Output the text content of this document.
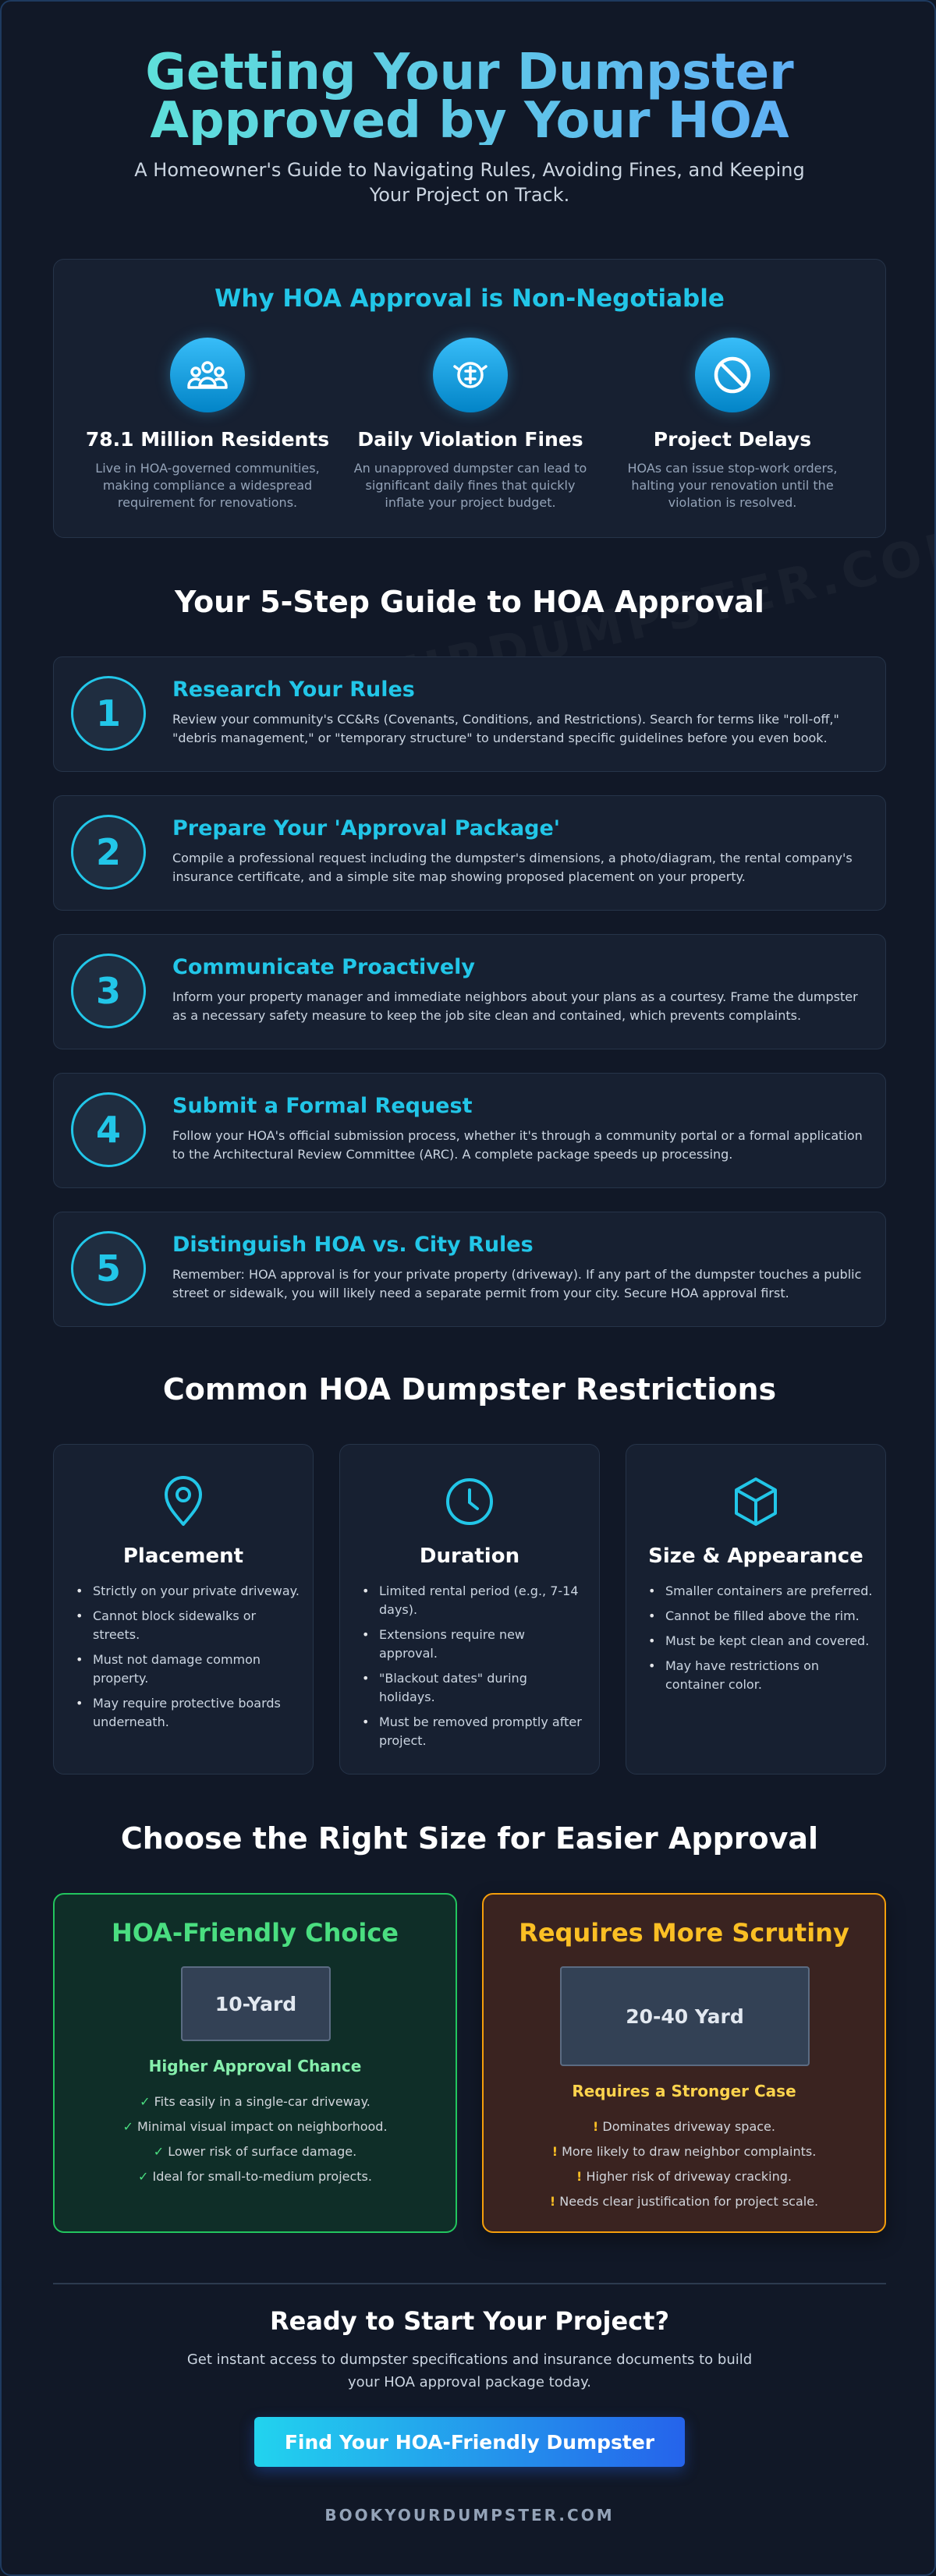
Getting Your Dumpster Approved by Your HOA

A Homeowner's Guide to Navigating Rules, Avoiding Fines, and Keeping Your Project on Track.

Why HOA Approval is Non-Negotiable
78.1 Million Residents
Live in HOA-governed communities, making compliance a widespread requirement for renovations.
Daily Violation Fines
An unapproved dumpster can lead to significant daily fines that quickly inflate your project budget.
Project Delays
HOAs can issue stop-work orders, halting your renovation until the violation is resolved.
Your 5-Step Guide to HOA Approval
1
Research Your Rules
Review your community's CC&Rs (Covenants, Conditions, and Restrictions). Search for terms like "roll-off," "debris management," or "temporary structure" to understand specific guidelines before you even book.
2
Prepare Your 'Approval Package'
Compile a professional request including the dumpster's dimensions, a photo/diagram, the rental company's insurance certificate, and a simple site map showing proposed placement on your property.
3
Communicate Proactively
Inform your property manager and immediate neighbors about your plans as a courtesy. Frame the dumpster as a necessary safety measure to keep the job site clean and contained, which prevents complaints.
4
Submit a Formal Request
Follow your HOA's official submission process, whether it's through a community portal or a formal application to the Architectural Review Committee (ARC). A complete package speeds up processing.
5
Distinguish HOA vs. City Rules
Remember: HOA approval is for your private property (driveway). If any part of the dumpster touches a public street or sidewalk, you will likely need a separate permit from your city. Secure HOA approval first.
Common HOA Dumpster Restrictions
Placement
• Strictly on your private driveway.
• Cannot block sidewalks or streets.
• Must not damage common property.
• May require protective boards underneath.
Duration
• Limited rental period (e.g., 7-14 days).
• Extensions require new approval.
• "Blackout dates" during holidays.
• Must be removed promptly after project.
Size & Appearance
• Smaller containers are preferred.
• Cannot be filled above the rim.
• Must be kept clean and covered.
• May have restrictions on container color.
Choose the Right Size for Easier Approval
HOA-Friendly Choice
10-Yard
Higher Approval Chance
✓ Fits easily in a single-car driveway.
✓ Minimal visual impact on neighborhood.
✓ Lower risk of surface damage.
✓ Ideal for small-to-medium projects.
Requires More Scrutiny
20-40 Yard
Requires a Stronger Case
! Dominates driveway space.
! More likely to draw neighbor complaints.
! Higher risk of driveway cracking.
! Needs clear justification for project scale.
Ready to Start Your Project?
Get instant access to dumpster specifications and insurance documents to build your HOA approval package today.
Find Your HOA-Friendly Dumpster
BOOKYOURDUMPSTER.COM
